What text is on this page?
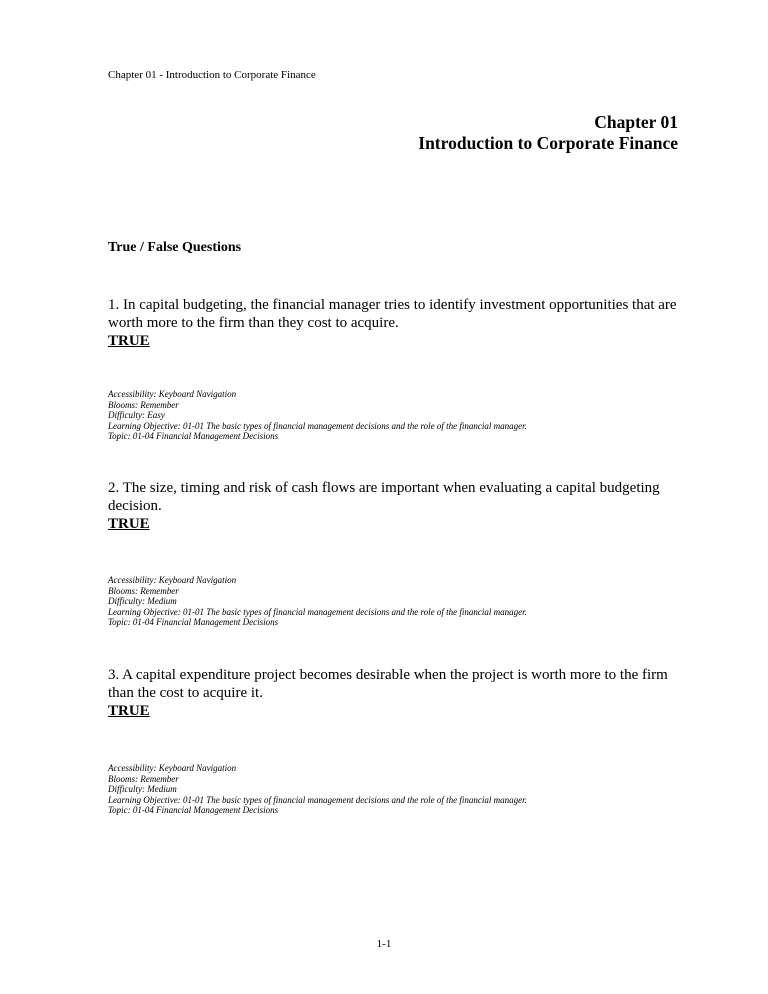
Chapter 01 - Introduction to Corporate Finance
Chapter 01
Introduction to Corporate Finance
True / False Questions

1. In capital budgeting, the financial manager tries to identify investment opportunities that are worth more to the firm than they cost to acquire.

TRUE
Accessibility: Keyboard Navigation
Blooms: Remember
Difficulty: Easy
Learning Objective: 01-01 The basic types of financial management decisions and the role of the financial manager.
Topic: 01-04 Financial Management Decisions

2. The size, timing and risk of cash flows are important when evaluating a capital budgeting decision.

TRUE
Accessibility: Keyboard Navigation
Blooms: Remember
Difficulty: Medium
Learning Objective: 01-01 The basic types of financial management decisions and the role of the financial manager.
Topic: 01-04 Financial Management Decisions

3. A capital expenditure project becomes desirable when the project is worth more to the firm than the cost to acquire it.

TRUE
Accessibility: Keyboard Navigation
Blooms: Remember
Difficulty: Medium
Learning Objective: 01-01 The basic types of financial management decisions and the role of the financial manager.
Topic: 01-04 Financial Management Decisions
1-1
